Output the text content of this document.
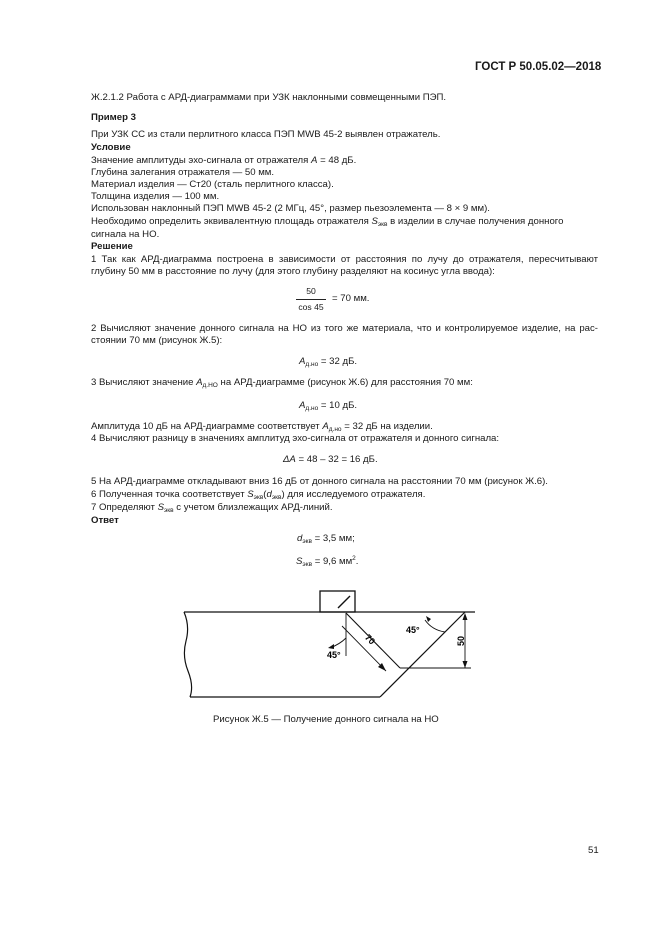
ГОСТ Р 50.05.02—2018
Ж.2.1.2 Работа с АРД-диаграммами при УЗК наклонными совмещенными ПЭП.
Пример 3
При УЗК СС из стали перлитного класса ПЭП MWB 45-2 выявлен отражатель.
Условие
Значение амплитуды эхо-сигнала от отражателя А = 48 дБ.
Глубина залегания отражателя — 50 мм.
Материал изделия — Ст20 (сталь перлитного класса).
Толщина изделия — 100 мм.
Использован наклонный ПЭП MWB 45-2 (2 МГц, 45°, размер пьезоэлемента — 8 × 9 мм).
Необходимо определить эквивалентную площадь отражателя $S_{экв}$ в изделии в случае получения донного
сигнала на НО.
Решение
1 Так как АРД-диаграмма построена в зависимости от расстояния по лучу до отражателя, пересчитывают
глубину 50 мм в расстояние по лучу (для этого глубину разделяют на косинус угла ввода):
50
cos 45
= 70 мм.
2 Вычисляют значение донного сигнала на НО из того же материала, что и контролируемое изделие, на рас-
стоянии 70 мм (рисунок Ж.5):
$А_{д.но} = 32$ дБ.
3 Вычисляют значение $А_{д.НО}$ на АРД-диаграмме (рисунок Ж.6) для расстояния 70 мм:
$А_{д.но} = 10$ дБ.
Амплитуда 10 дБ на АРД-диаграмме соответствует $А_{д.но} = 32$ дБ на изделии.
4 Вычисляют разницу в значениях амплитуд эхо-сигнала от отражателя и донного сигнала:
ΔА = 48 – 32 = 16 дБ.
5 На АРД-диаграмме откладывают вниз 16 дБ от донного сигнала на расстоянии 70 мм (рисунок Ж.6).
6 Полученная точка соответствует $S_{экв}(d_{экв})$ для исследуемого отражателя.
7 Определяют $S_{экв}$ с учетом близлежащих АРД-линий.
Ответ
$d_{экв} = 3,5$ мм;
$S_{экв} = 9,6$ $мм^2$.
45°
45°
70	50
Рисунок Ж.5 — Получение донного сигнала на НО
51
